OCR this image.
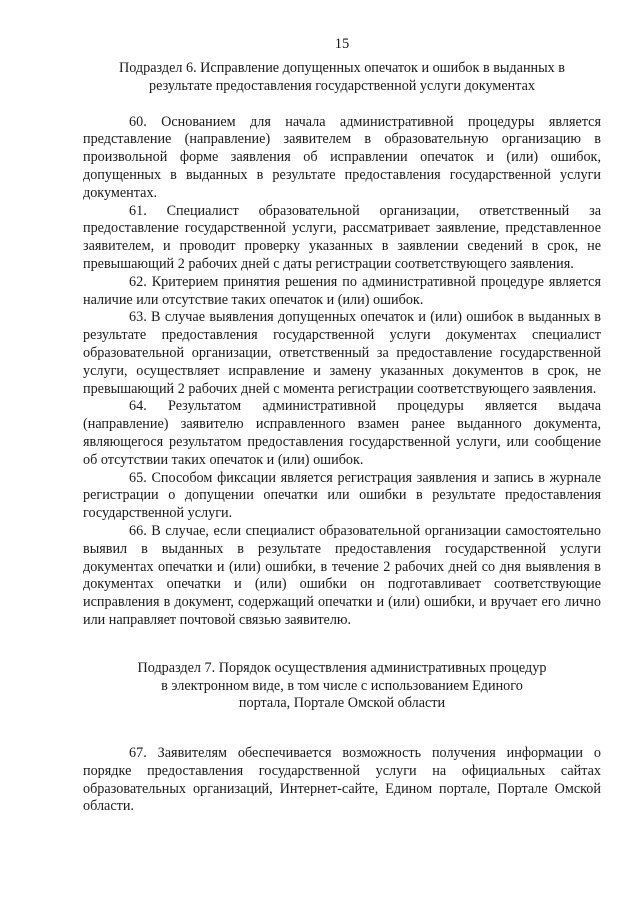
15
Подраздел 6. Исправление допущенных опечаток и ошибок в выданных в
результате предоставления государственной услуги документах

60. Основанием для начала административной процедуры является представление (направление) заявителем в образовательную организацию в произвольной форме заявления об исправлении опечаток и (или) ошибок, допущенных в выданных в результате предоставления государственной услуги документах.

61. Специалист образовательной организации, ответственный за предоставление государственной услуги, рассматривает заявление, представленное заявителем, и проводит проверку указанных в заявлении сведений в срок, не превышающий 2 рабочих дней с даты регистрации соответствующего заявления.

62. Критерием принятия решения по административной процедуре является наличие или отсутствие таких опечаток и (или) ошибок.

63. В случае выявления допущенных опечаток и (или) ошибок в выданных в результате предоставления государственной услуги документах специалист образовательной организации, ответственный за предоставление государственной услуги, осуществляет исправление и замену указанных документов в срок, не превышающий 2 рабочих дней с момента регистрации соответствующего заявления.

64. Результатом административной процедуры является выдача (направление) заявителю исправленного взамен ранее выданного документа, являющегося результатом предоставления государственной услуги, или сообщение об отсутствии таких опечаток и (или) ошибок.

65. Способом фиксации является регистрация заявления и запись в журнале регистрации о допущении опечатки или ошибки в результате предоставления государственной услуги.

66. В случае, если специалист образовательной организации самостоятельно выявил в выданных в результате предоставления государственной услуги документах опечатки и (или) ошибки, в течение 2 рабочих дней со дня выявления в документах опечатки и (или) ошибки он подготавливает соответствующие исправления в документ, содержащий опечатки и (или) ошибки, и вручает его лично или направляет почтовой связью заявителю.

Подраздел 7. Порядок осуществления административных процедур
в электронном виде, в том числе с использованием Единого
портала, Портале Омской области

67. Заявителям обеспечивается возможность получения информации о порядке предоставления государственной услуги на официальных сайтах образовательных организаций, Интернет-сайте, Едином портале, Портале Омской области.
